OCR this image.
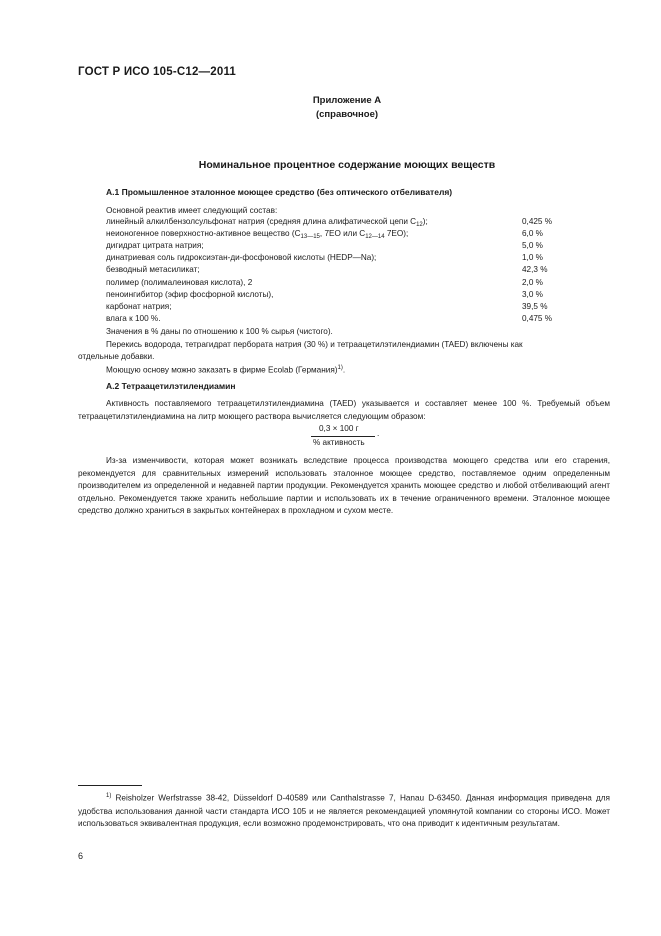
ГОСТ Р ИСО 105-С12—2011
Приложение А
(справочное)
Номинальное процентное содержание моющих веществ
А.1 Промышленное эталонное моющее средство (без оптического отбеливателя)
Основной реактив имеет следующий состав:
линейный алкилбензолсульфонат натрия (средняя длина алифатической цепи $С_{12}$);	0,425 %
неионогенное поверхностно-активное вещество ($С_{13—15}$, 7EO или $С_{12—14}$ 7EO);	6,0 %
дигидрат цитрата натрия;	5,0 %
динатриевая соль гидроксиэтан-ди-фосфоновой кислоты (HEDP—Na);	1,0 %
безводный метасиликат;	42,3 %
полимер (полималеиновая кислота), 2	2,0 %
пеноингибитор (эфир фосфорной кислоты),	3,0 %
карбонат натрия;	39,5 %
влага к 100 %.	0,475 %
Значения в % даны по отношению к 100 % сырья (чистого).
Перекись водорода, тетрагидрат пербората натрия (30 %) и тетраацетилэтилендиамин (TAED) включены как
отдельные добавки.
Моющую основу можно заказать в фирме Ecolab (Германия)$^{1)}$.
А.2 Тетраацетилэтилендиамин
Активность поставляемого тетраацетилэтилендиамина (TAED) указывается и составляет менее 100 %. Требуемый объем тетраацетилэтилендиамина на литр моющего раствора вычисляется следующим образом:
0,3 × 100 г
% активность
.
Из-за изменчивости, которая может возникать вследствие процесса производства моющего средства или его старения, рекомендуется для сравнительных измерений использовать эталонное моющее средство, поставляемое одним определенным производителем из определенной и недавней партии продукции. Рекомендуется хранить моющее средство и любой отбеливающий агент отдельно. Рекомендуется также хранить небольшие партии и использовать их в течение ограниченного времени. Эталонное моющее средство должно храниться в закрытых контейнерах в прохладном и сухом месте.
$^{1)}$ Reisholzer Werfstrasse 38-42, Düsseldorf D-40589 или Canthalstrasse 7, Hanau D-63450. Данная информация приведена для удобства использования данной части стандарта ИСО 105 и не является рекомендацией упомянутой компании со стороны ИСО. Может использоваться эквивалентная продукция, если возможно продемонстрировать, что она приводит к идентичным результатам.
6
